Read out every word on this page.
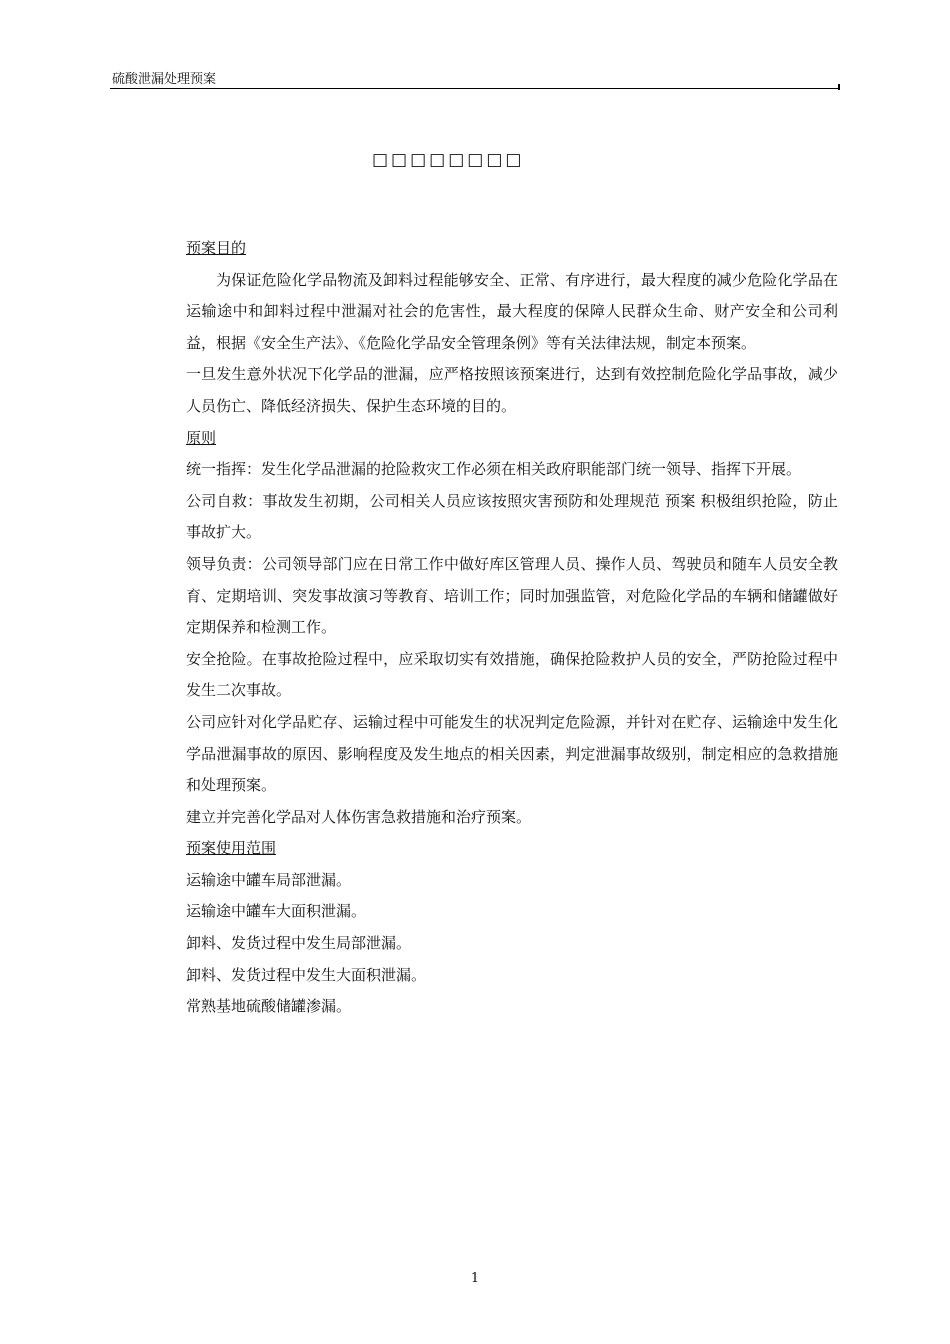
硫酸泄漏处理预案
□□□□□□□□

预案目的

为保证危险化学品物流及卸料过程能够安全、正常、有序进行，最大程度的减少危险化学品在运输途中和卸料过程中泄漏对社会的危害性，最大程度的保障人民群众生命、财产安全和公司利益，根据《安全生产法》、《危险化学品安全管理条例》等有关法律法规，制定本预案。

一旦发生意外状况下化学品的泄漏，应严格按照该预案进行，达到有效控制危险化学品事故，减少人员伤亡、降低经济损失、保护生态环境的目的。

原则

统一指挥：发生化学品泄漏的抢险救灾工作必须在相关政府职能部门统一领导、指挥下开展。

公司自救：事故发生初期，公司相关人员应该按照灾害预防和处理规范 预案 积极组织抢险，防止事故扩大。

领导负责：公司领导部门应在日常工作中做好库区管理人员、操作人员、驾驶员和随车人员安全教育、定期培训、突发事故演习等教育、培训工作；同时加强监管，对危险化学品的车辆和储罐做好定期保养和检测工作。

安全抢险。在事故抢险过程中，应采取切实有效措施，确保抢险救护人员的安全，严防抢险过程中发生二次事故。

公司应针对化学品贮存、运输过程中可能发生的状况判定危险源，并针对在贮存、运输途中发生化学品泄漏事故的原因、影响程度及发生地点的相关因素，判定泄漏事故级别，制定相应的急救措施和处理预案。

建立并完善化学品对人体伤害急救措施和治疗预案。

预案使用范围

运输途中罐车局部泄漏。

运输途中罐车大面积泄漏。

卸料、发货过程中发生局部泄漏。

卸料、发货过程中发生大面积泄漏。

常熟基地硫酸储罐渗漏。

1
